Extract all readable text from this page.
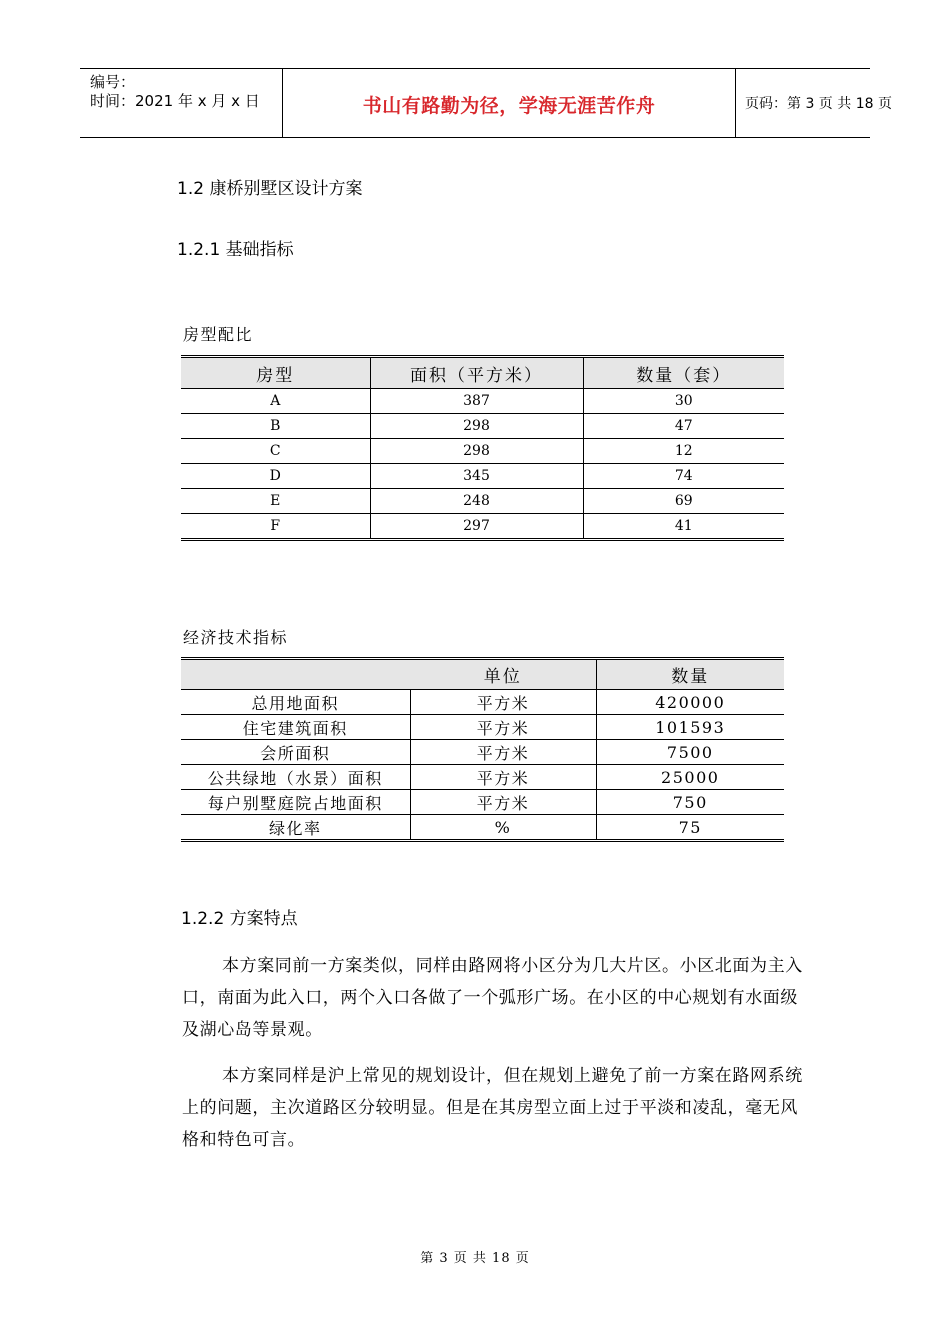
编号：
时间：2021 年 x 月 x 日	书山有路勤为径，学海无涯苦作舟	页码：第 3 页 共 18 页
1.2 康桥别墅区设计方案
1.2.1 基础指标
房型配比
房型	面积（平方米）	数量（套）
A	387	30
B	298	47
C	298	12
D	345	74
E	248	69
F	297	41
经济技术指标
	单位	数量
总用地面积	平方米	420000
住宅建筑面积	平方米	101593
会所面积	平方米	7500
公共绿地（水景）面积	平方米	25000
每户别墅庭院占地面积	平方米	750
绿化率	%	75
1.2.2 方案特点
本方案同前一方案类似，同样由路网将小区分为几大片区。小区北面为主入口，南面为此入口，两个入口各做了一个弧形广场。在小区的中心规划有水面级及湖心岛等景观。
本方案同样是沪上常见的规划设计，但在规划上避免了前一方案在路网系统上的问题，主次道路区分较明显。但是在其房型立面上过于平淡和凌乱，毫无风格和特色可言。
第 3 页 共 18 页
